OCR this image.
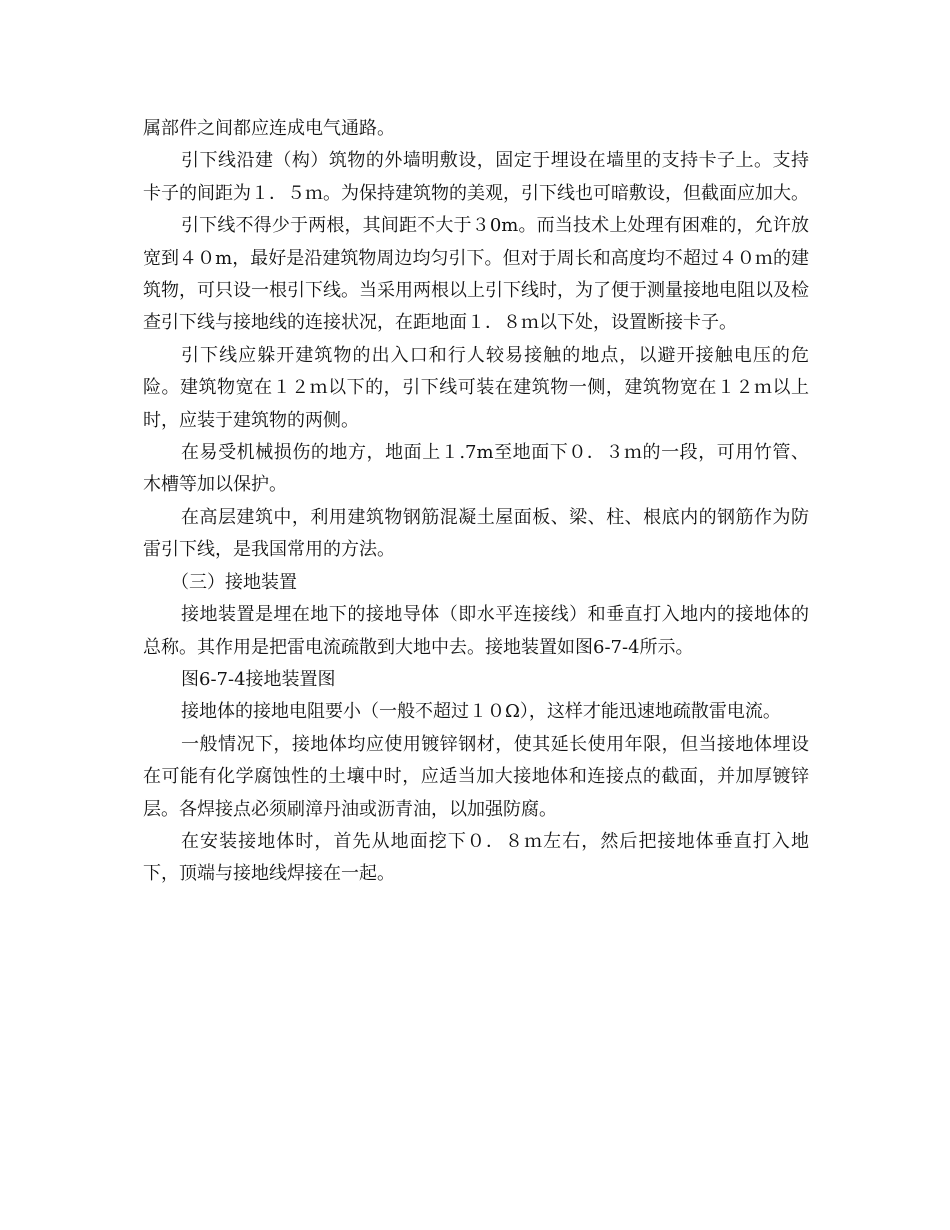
属部件之间都应连成电气通路。

引下线沿建（构）筑物的外墙明敷设，固定于埋设在墙里的支持卡子上。支持卡子的间距为１．５ｍ。为保持建筑物的美观，引下线也可暗敷设，但截面应加大。

引下线不得少于两根，其间距不大于３0m。而当技术上处理有困难的，允许放宽到４０m，最好是沿建筑物周边均匀引下。但对于周长和高度均不超过４０ｍ的建筑物，可只设一根引下线。当采用两根以上引下线时，为了便于测量接地电阻以及检查引下线与接地线的连接状况，在距地面１．８ｍ以下处，设置断接卡子。

引下线应躲开建筑物的出入口和行人较易接触的地点，以避开接触电压的危险。建筑物宽在１２ｍ以下的，引下线可装在建筑物一侧，建筑物宽在１２ｍ以上时，应装于建筑物的两侧。

在易受机械损伤的地方，地面上１.7m至地面下０．３ｍ的一段，可用竹管、木槽等加以保护。

在高层建筑中，利用建筑物钢筋混凝土屋面板、梁、柱、根底内的钢筋作为防雷引下线，是我国常用的方法。

（三）接地装置

接地装置是埋在地下的接地导体（即水平连接线）和垂直打入地内的接地体的总称。其作用是把雷电流疏散到大地中去。接地装置如图6-7-4所示。

图6-7-4接地装置图

接地体的接地电阻要小（一般不超过１０Ω），这样才能迅速地疏散雷电流。

一般情况下，接地体均应使用镀锌钢材，使其延长使用年限，但当接地体埋设在可能有化学腐蚀性的土壤中时，应适当加大接地体和连接点的截面，并加厚镀锌层。各焊接点必须刷漳丹油或沥青油，以加强防腐。

在安装接地体时，首先从地面挖下０．８ｍ左右，然后把接地体垂直打入地下，顶端与接地线焊接在一起。
